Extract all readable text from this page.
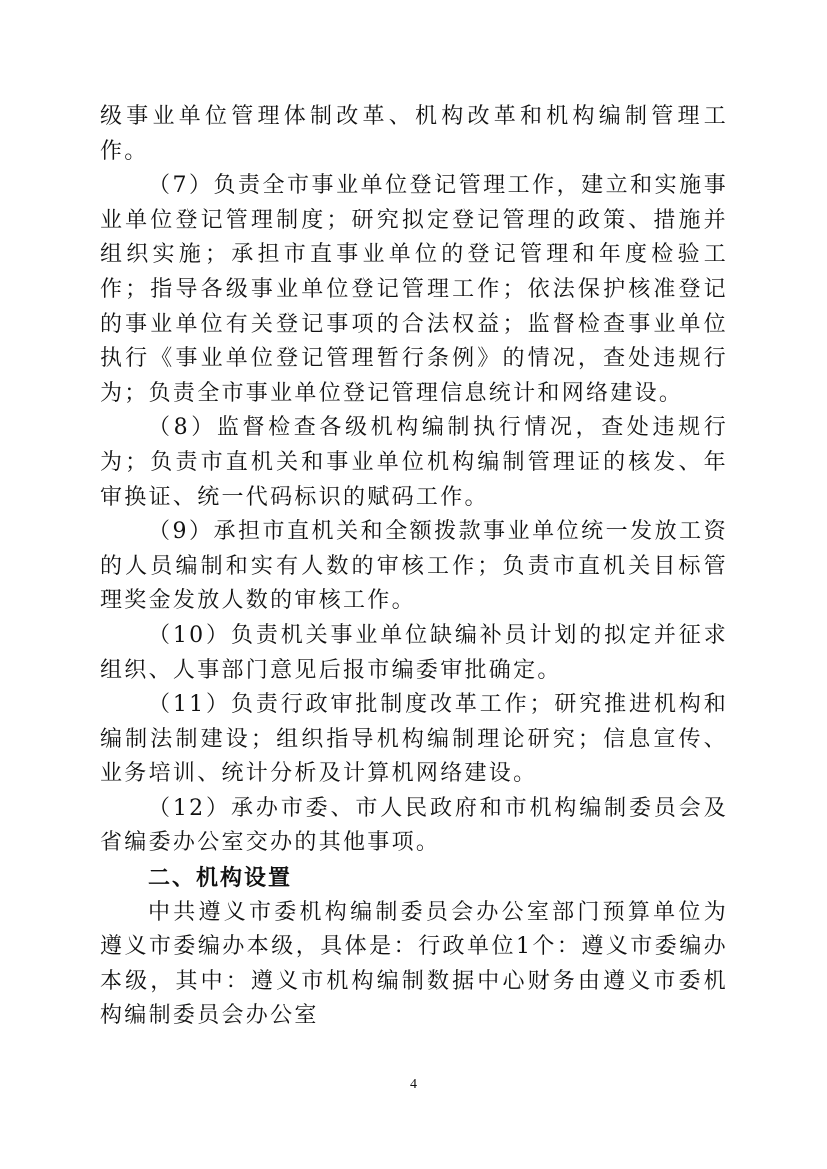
级事业单位管理体制改革、机构改革和机构编制管理工作。

（7）负责全市事业单位登记管理工作，建立和实施事业单位登记管理制度；研究拟定登记管理的政策、措施并组织实施；承担市直事业单位的登记管理和年度检验工作；指导各级事业单位登记管理工作；依法保护核准登记的事业单位有关登记事项的合法权益；监督检查事业单位执行《事业单位登记管理暂行条例》的情况，查处违规行为；负责全市事业单位登记管理信息统计和网络建设。

（8）监督检查各级机构编制执行情况，查处违规行为；负责市直机关和事业单位机构编制管理证的核发、年审换证、统一代码标识的赋码工作。

（9）承担市直机关和全额拨款事业单位统一发放工资的人员编制和实有人数的审核工作；负责市直机关目标管理奖金发放人数的审核工作。

（10）负责机关事业单位缺编补员计划的拟定并征求组织、人事部门意见后报市编委审批确定。

（11）负责行政审批制度改革工作；研究推进机构和编制法制建设；组织指导机构编制理论研究；信息宣传、业务培训、统计分析及计算机网络建设。

（12）承办市委、市人民政府和市机构编制委员会及省编委办公室交办的其他事项。

二、机构设置

中共遵义市委机构编制委员会办公室部门预算单位为遵义市委编办本级，具体是：行政单位1个：遵义市委编办本级，其中：遵义市机构编制数据中心财务由遵义市委机构编制委员会办公室

4
